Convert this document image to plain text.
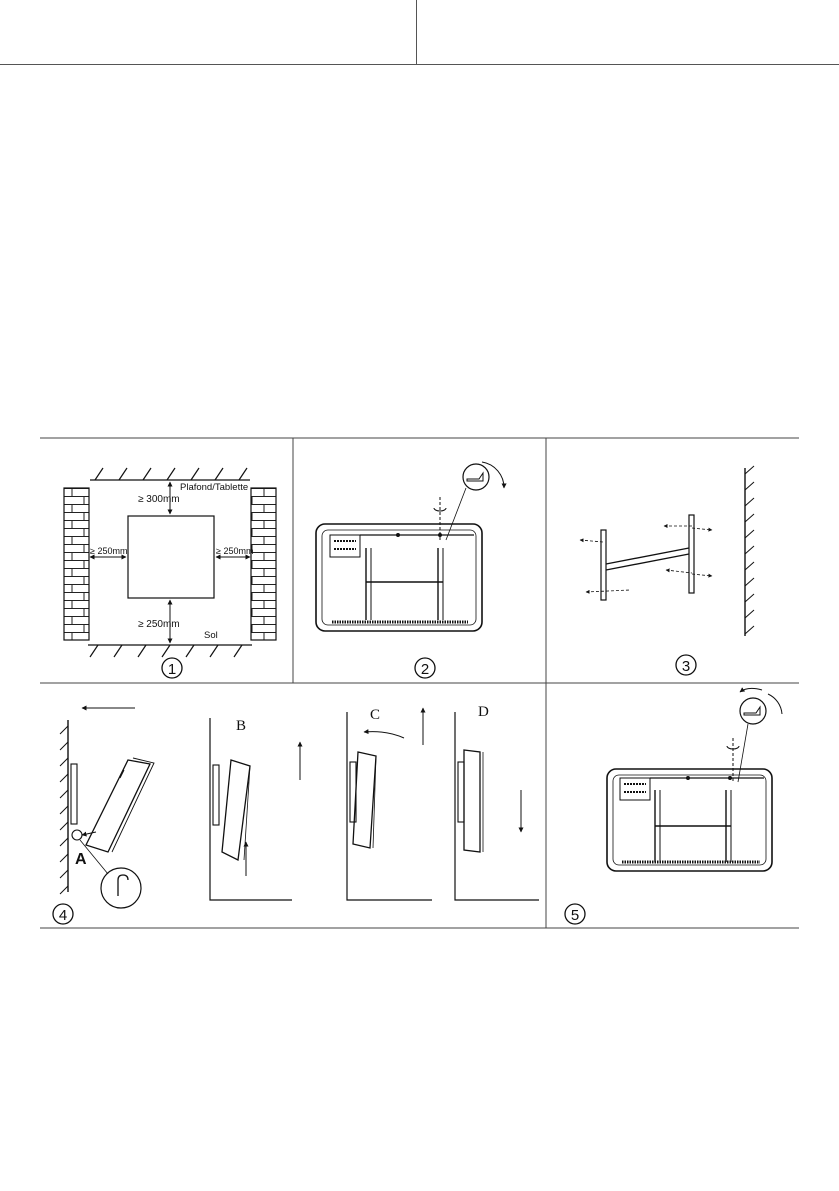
Plafond/Tablette
≥ 300mm
≥ 250mm	≥ 250mm
≥ 250mm
Sol
1	2	3
A
B
C	D
4	5
